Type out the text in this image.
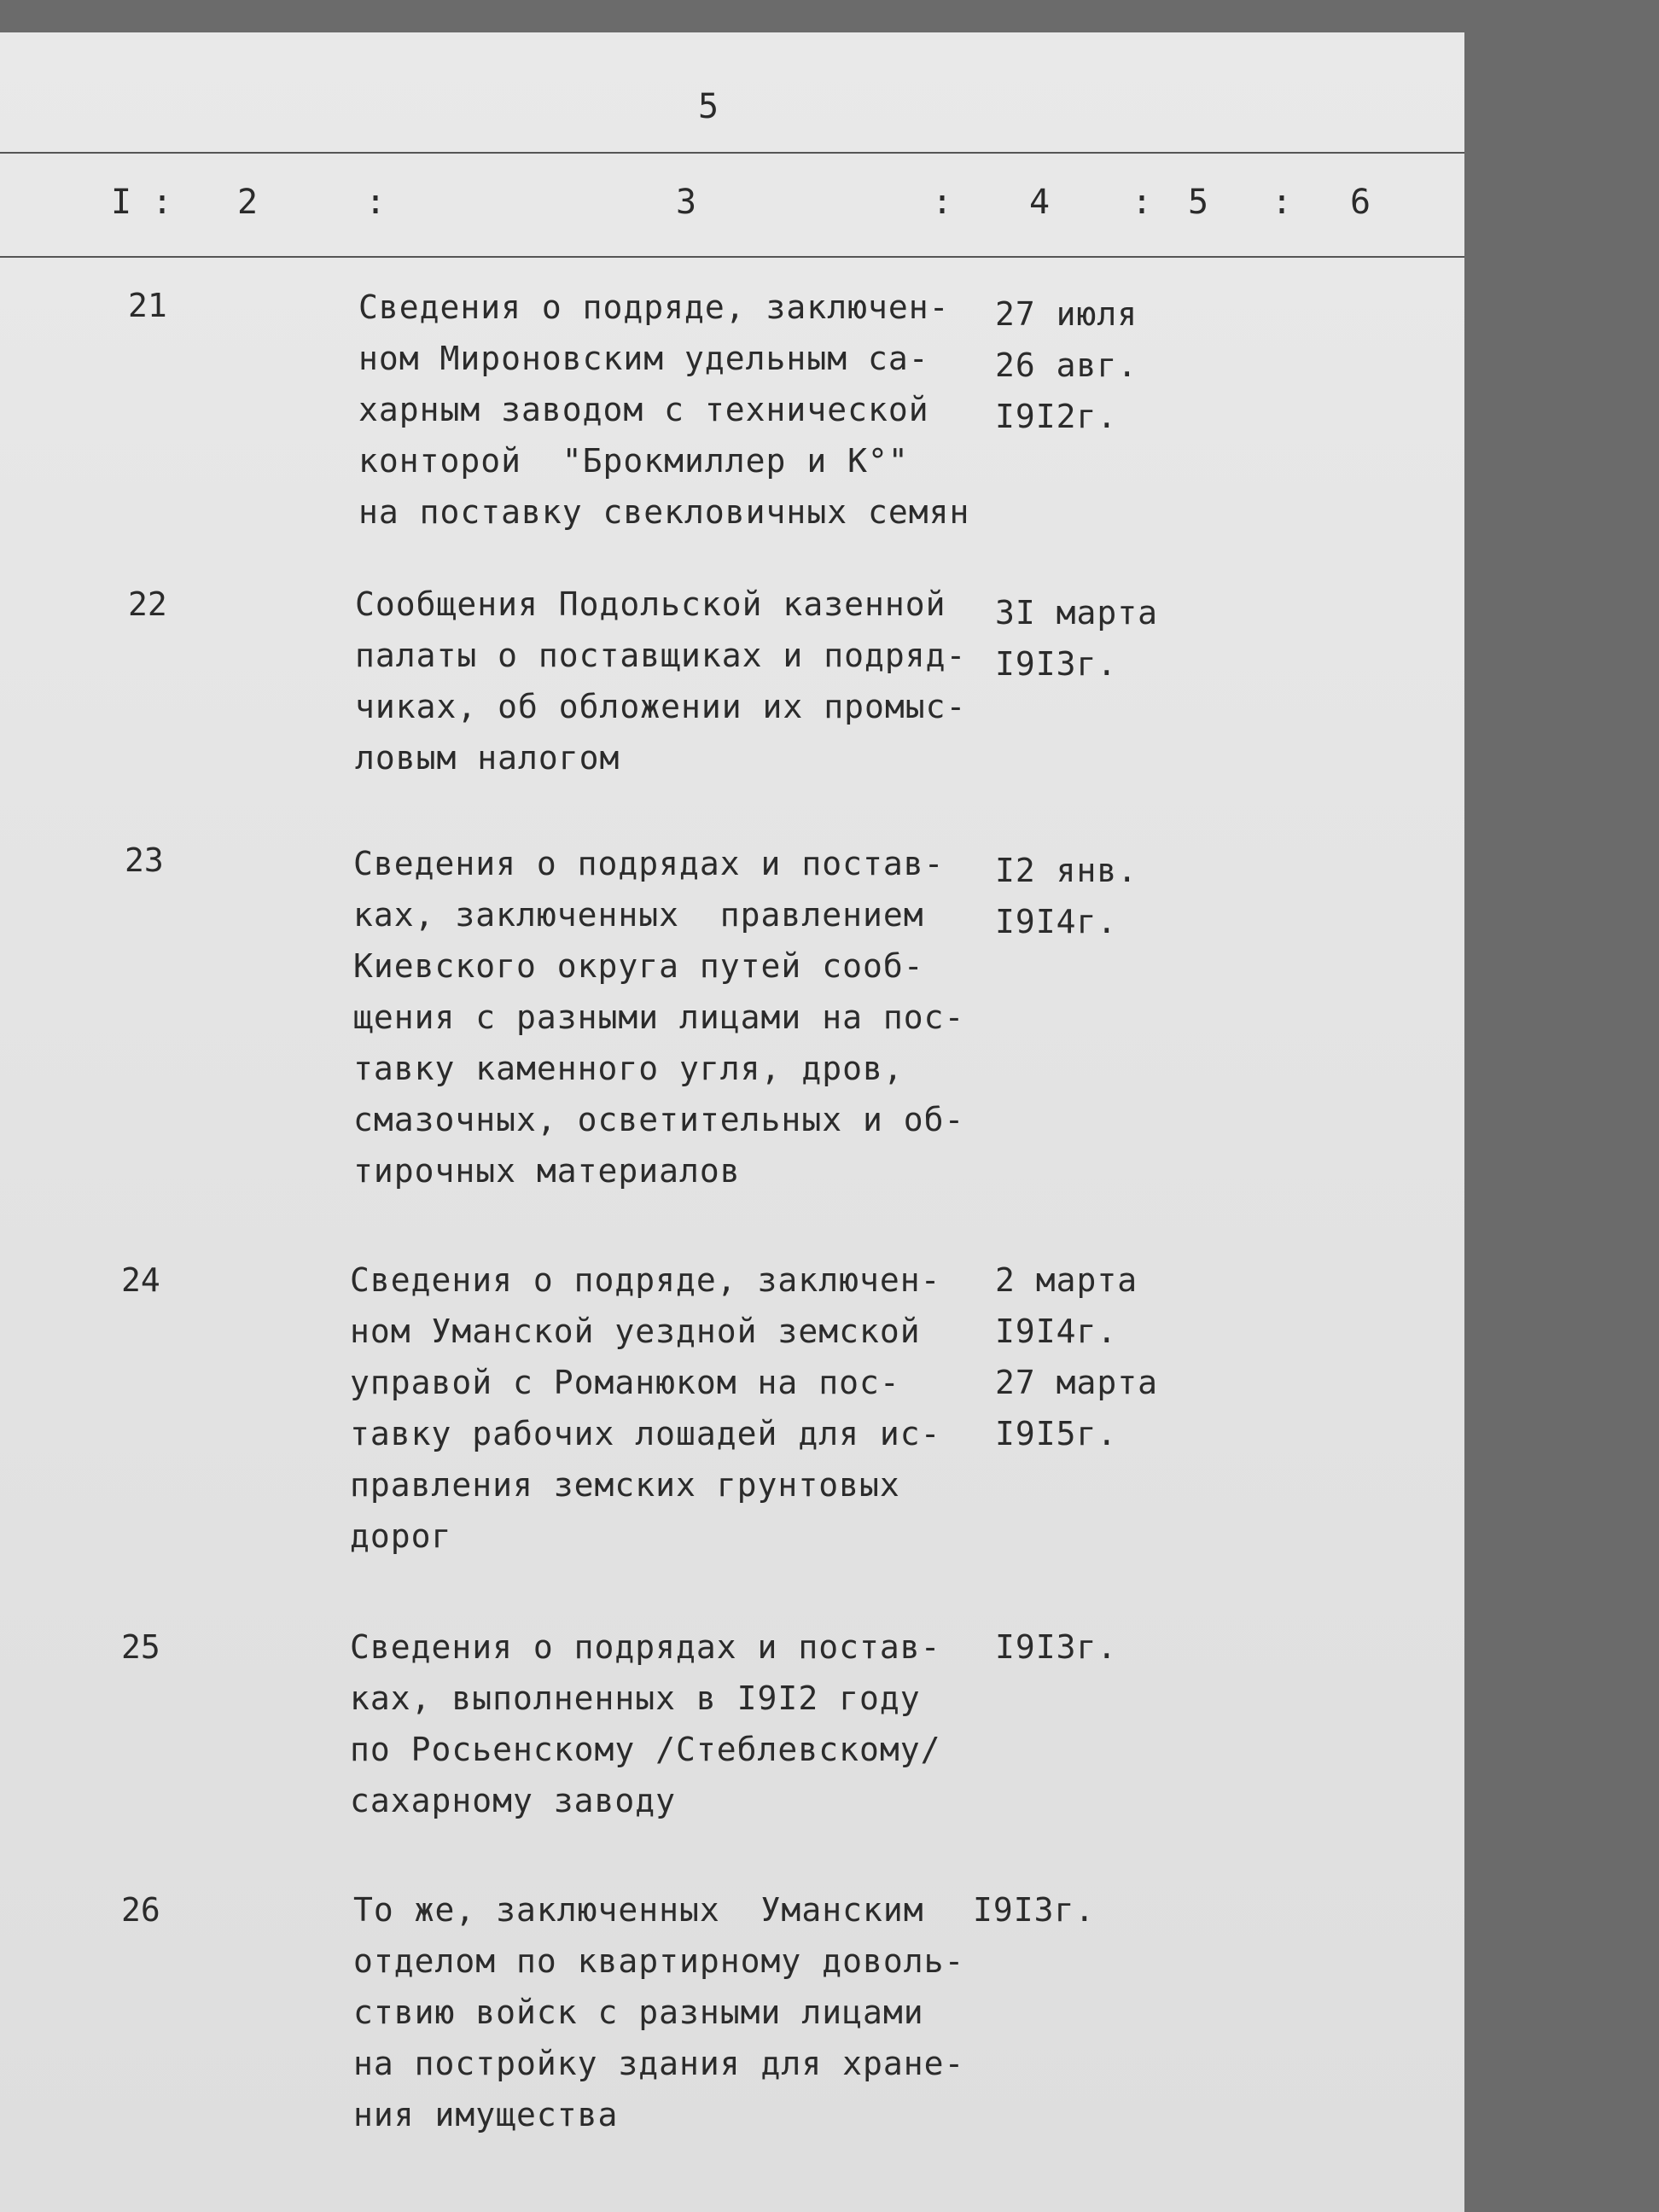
5
I : 2	:	3	: 4 : 5 : 6
21	Сведения о подряде, заключен-
ном Мироновским удельным са-
харным заводом с технической
конторой  "Брокмиллер и К°"
на поставку свекловичных семян
27 июля
26 авг.
I9I2г.
22	Сообщения Подольской казенной
палаты о поставщиках и подряд-
чиках, об обложении их промыс-
ловым налогом
3I марта
I9I3г.
23	Сведения о подрядах и постав-
ках, заключенных  правлением
Киевского округа путей сооб-
щения с разными лицами на пос-
тавку каменного угля, дров,
смазочных, осветительных и об-
тирочных материалов
I2 янв.
I9I4г.
24	Сведения о подряде, заключен-
ном Уманской уездной земской
управой с Романюком на пос-
тавку рабочих лошадей для ис-
правления земских грунтовых
дорог
2 марта
I9I4г.
27 марта
I9I5г.
25	Сведения о подрядах и постав-
ках, выполненных в I9I2 году
по Росьенскому /Стеблевскому/
сахарному заводу
I9I3г.
26	То же, заключенных  Уманским
отделом по квартирному доволь-
ствию войск с разными лицами
на постройку здания для хране-
ния имущества
I9I3г.
